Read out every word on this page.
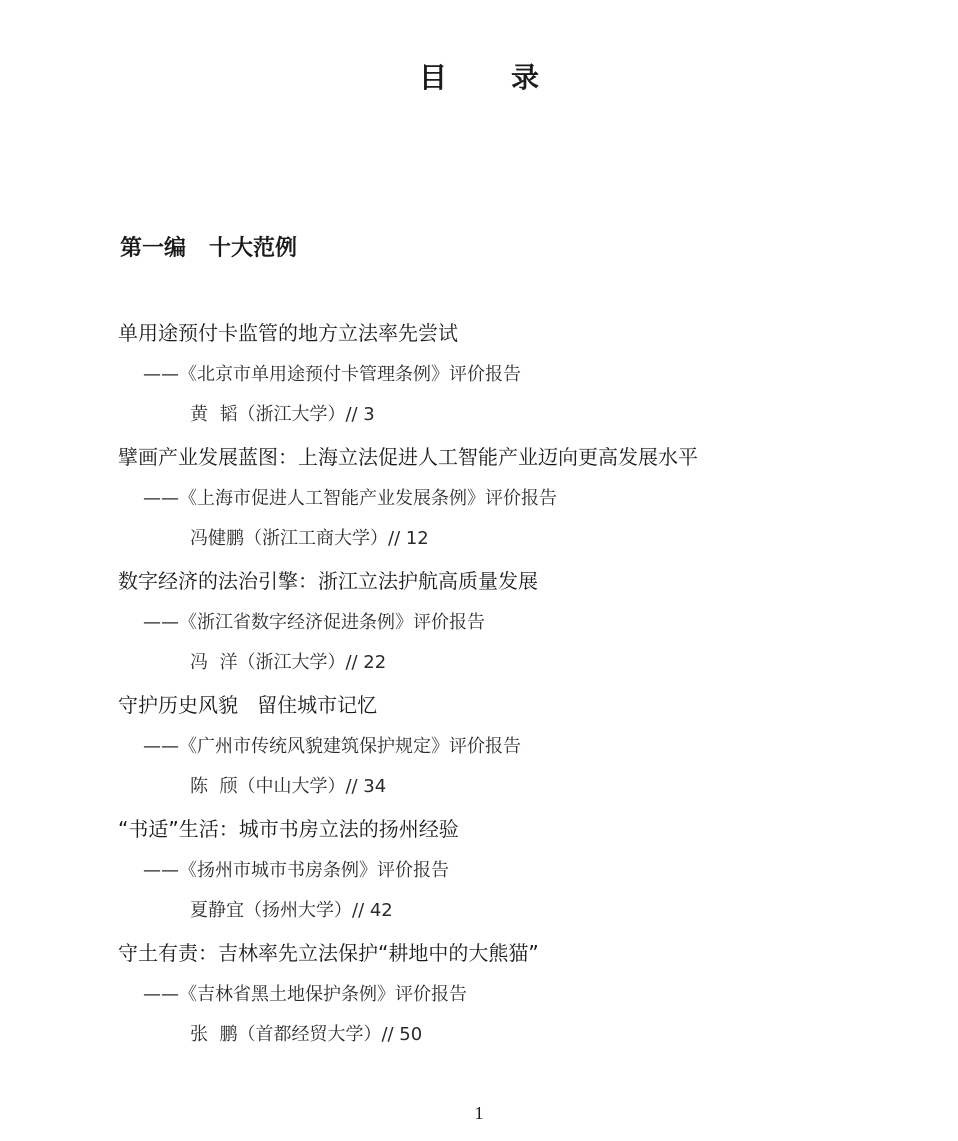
目录
第一编   十大范例
单用途预付卡监管的地方立法率先尝试
——《北京市单用途预付卡管理条例》评价报告
黄  韬（浙江大学）// 3
擘画产业发展蓝图：上海立法促进人工智能产业迈向更高发展水平
——《上海市促进人工智能产业发展条例》评价报告
冯健鹏（浙江工商大学）// 12
数字经济的法治引擎：浙江立法护航高质量发展
——《浙江省数字经济促进条例》评价报告
冯  洋（浙江大学）// 22
守护历史风貌   留住城市记忆
——《广州市传统风貌建筑保护规定》评价报告
陈  颀（中山大学）// 34
“书适”生活：城市书房立法的扬州经验
——《扬州市城市书房条例》评价报告
夏静宜（扬州大学）// 42
守土有责：吉林率先立法保护“耕地中的大熊猫”
——《吉林省黑土地保护条例》评价报告
张  鹏（首都经贸大学）// 50
1
